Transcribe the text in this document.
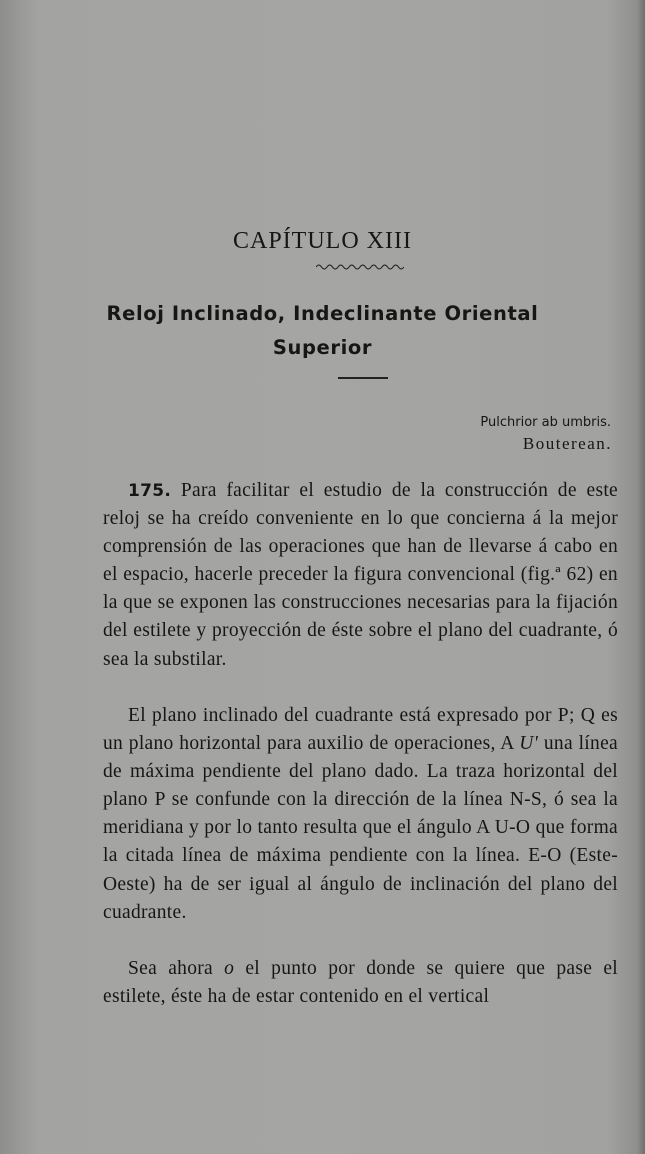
CAPÍTULO XIII
Reloj Inclinado, Indeclinante Oriental
Superior
Pulchrior ab umbris.
Bouterean.

175. Para facilitar el estudio de la construcción de este reloj se ha creído conveniente en lo que concierna á la mejor comprensión de las operaciones que han de llevarse á cabo en el espacio, hacerle preceder la figura convencional (fig.ª 62) en la que se exponen las construcciones necesarias para la fijación del estilete y proyección de éste sobre el plano del cuadrante, ó sea la substilar.

El plano inclinado del cuadrante está expresado por P; Q es un plano horizontal para auxilio de operaciones, A U' una línea de máxima pendiente del plano dado. La traza horizontal del plano P se confunde con la dirección de la línea N-S, ó sea la meridiana y por lo tanto resulta que el ángulo A U-O que forma la citada línea de máxima pendiente con la línea. E-O (Este-Oeste) ha de ser igual al ángulo de inclinación del plano del cuadrante.

Sea ahora o el punto por donde se quiere que pase el estilete, éste ha de estar contenido en el vertical
